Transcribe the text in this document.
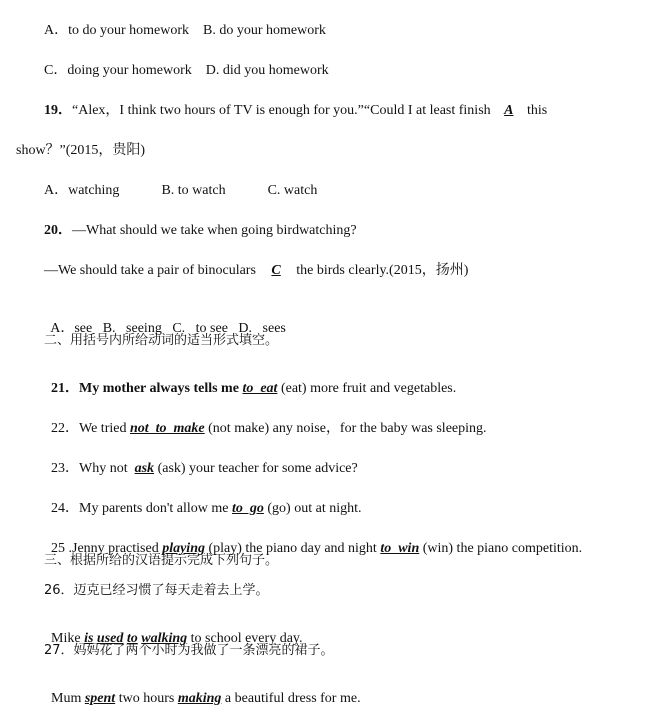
A．to do your homework B. do your homework
C．doing your homework D. did you homework
19．“Alex，I think two hours of TV is enough for you.”“Could I at least finish A this
show？”(2015，贵阳)
A．watching	B. to watch	C. watch
20．—What should we take when going birdwatching?
—We should take a pair of binoculars C the birds clearly.(2015，扬州)

A．see   B.   seeing   C.   to see   D.   sees

二、用括号内所给动词的适当形式填空。

21．My mother always tells me to  eat (eat) more fruit and vegetables.

22．We tried not  to  make (not make) any noise，for the baby was sleeping.

23．Why not  ask (ask) your teacher for some advice?

24．My parents don't allow me to  go (go) out at night.

25 .Jenny practised playing (play) the piano day and night to  win (win) the piano competition.

三、根据所给的汉语提示完成下列句子。
26．迈克已经习惯了每天走着去上学。

Mike is used to walking to school every day.

27．妈妈花了两个小时为我做了一条漂亮的裙子。

Mum spent two hours making a beautiful dress for me.
